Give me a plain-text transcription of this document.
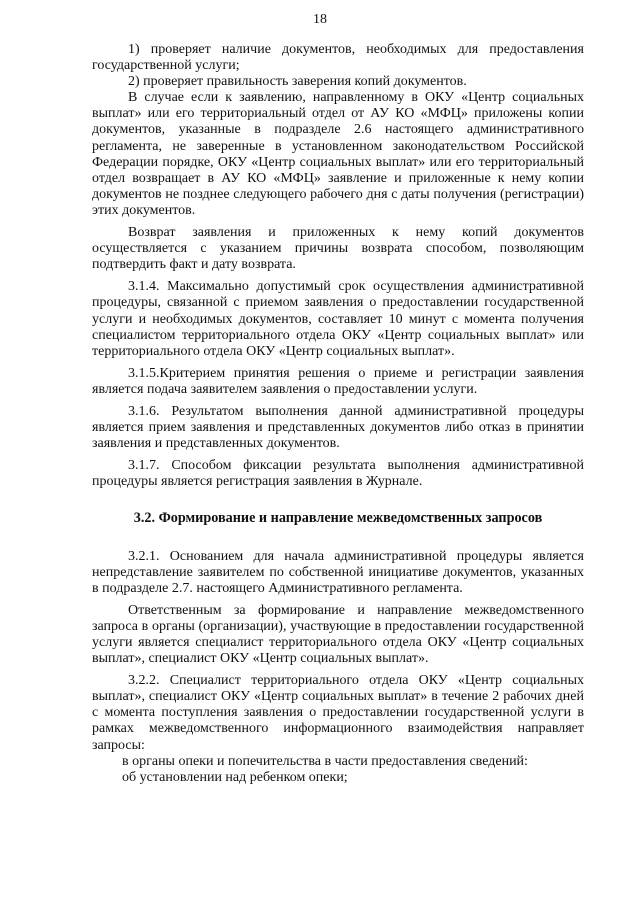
18

1) проверяет наличие документов, необходимых для предоставления государственной услуги;

2) проверяет правильность заверения копий документов.

В случае если к заявлению, направленному в ОКУ «Центр социальных выплат» или его территориальный отдел от АУ КО «МФЦ» приложены копии документов, указанные в подразделе 2.6 настоящего административного регламента, не заверенные в установленном законодательством Российской Федерации порядке, ОКУ «Центр социальных выплат» или его территориальный отдел возвращает в АУ КО «МФЦ» заявление и приложенные к нему копии документов не позднее следующего рабочего дня с даты получения (регистрации) этих документов.

Возврат заявления и приложенных к нему копий документов осуществляется с указанием причины возврата способом, позволяющим подтвердить факт и дату возврата.

3.1.4. Максимально допустимый срок осуществления административной процедуры, связанной с приемом заявления о предоставлении государственной услуги и необходимых документов, составляет 10 минут с момента получения специалистом территориального отдела ОКУ «Центр социальных выплат» или территориального отдела ОКУ «Центр социальных выплат».

3.1.5.Критерием принятия решения о приеме и регистрации заявления является подача заявителем заявления о предоставлении услуги.

3.1.6. Результатом выполнения данной административной процедуры является прием заявления и представленных документов либо отказ в принятии заявления и представленных документов.

3.1.7. Способом фиксации результата выполнения административной процедуры является регистрация заявления в Журнале.

3.2. Формирование и направление межведомственных запросов

3.2.1. Основанием для начала административной процедуры является непредставление заявителем по собственной инициативе документов, указанных в подразделе 2.7. настоящего Административного регламента.

Ответственным за формирование и направление межведомственного запроса в органы (организации), участвующие в предоставлении государственной услуги является специалист территориального отдела ОКУ «Центр социальных выплат», специалист ОКУ «Центр социальных выплат».

3.2.2. Специалист территориального отдела ОКУ «Центр социальных выплат», специалист ОКУ «Центр социальных выплат» в течение 2 рабочих дней с момента поступления заявления о предоставлении государственной услуги в рамках межведомственного информационного взаимодействия направляет запросы:

в органы опеки и попечительства в части предоставления сведений:

об установлении над ребенком опеки;
